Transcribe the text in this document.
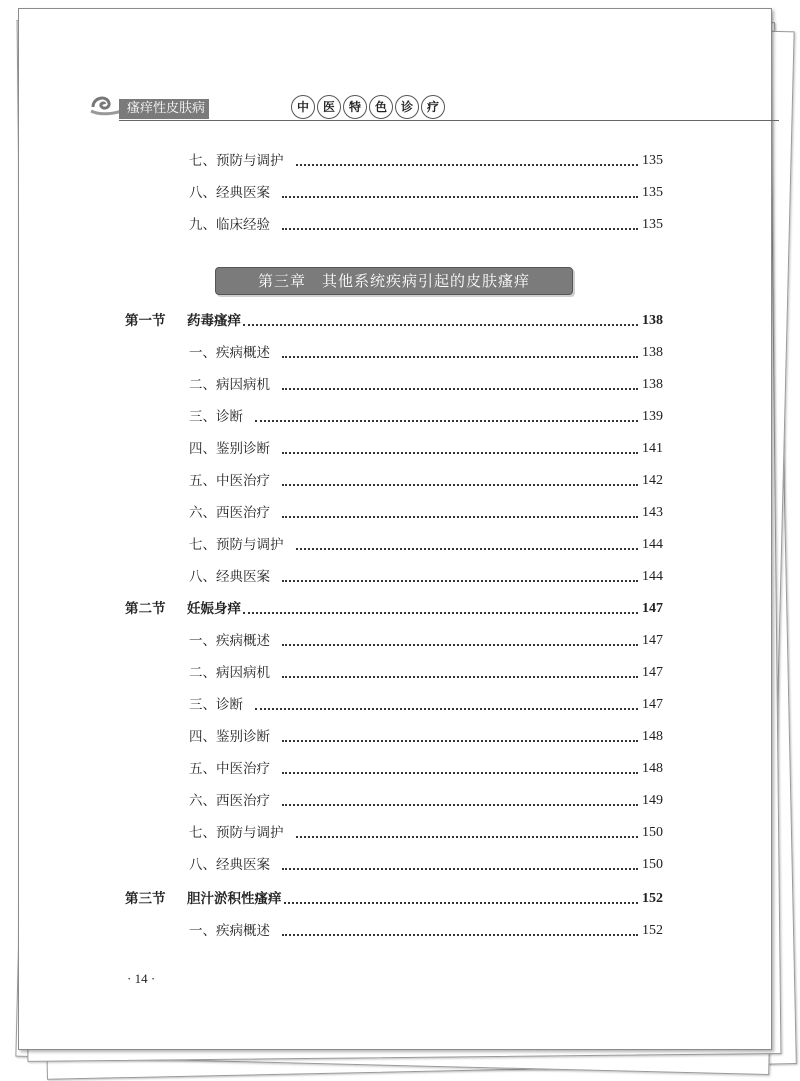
瘙痒性皮肤病	中	医	特	色	诊	疗
七、预防与调护	135
八、经典医案	135
九、临床经验	135
第三章　其他系统疾病引起的皮肤瘙痒
第一节 药毒瘙痒	138
一、疾病概述	138
二、病因病机	138
三、诊断	139
四、鉴别诊断	141
五、中医治疗	142
六、西医治疗	143
七、预防与调护	144
八、经典医案	144
第二节 妊娠身痒	147
一、疾病概述	147
二、病因病机	147
三、诊断	147
四、鉴别诊断	148
五、中医治疗	148
六、西医治疗	149
七、预防与调护	150
八、经典医案	150
第三节 胆汁淤积性瘙痒	152
一、疾病概述	152
· 14 ·
